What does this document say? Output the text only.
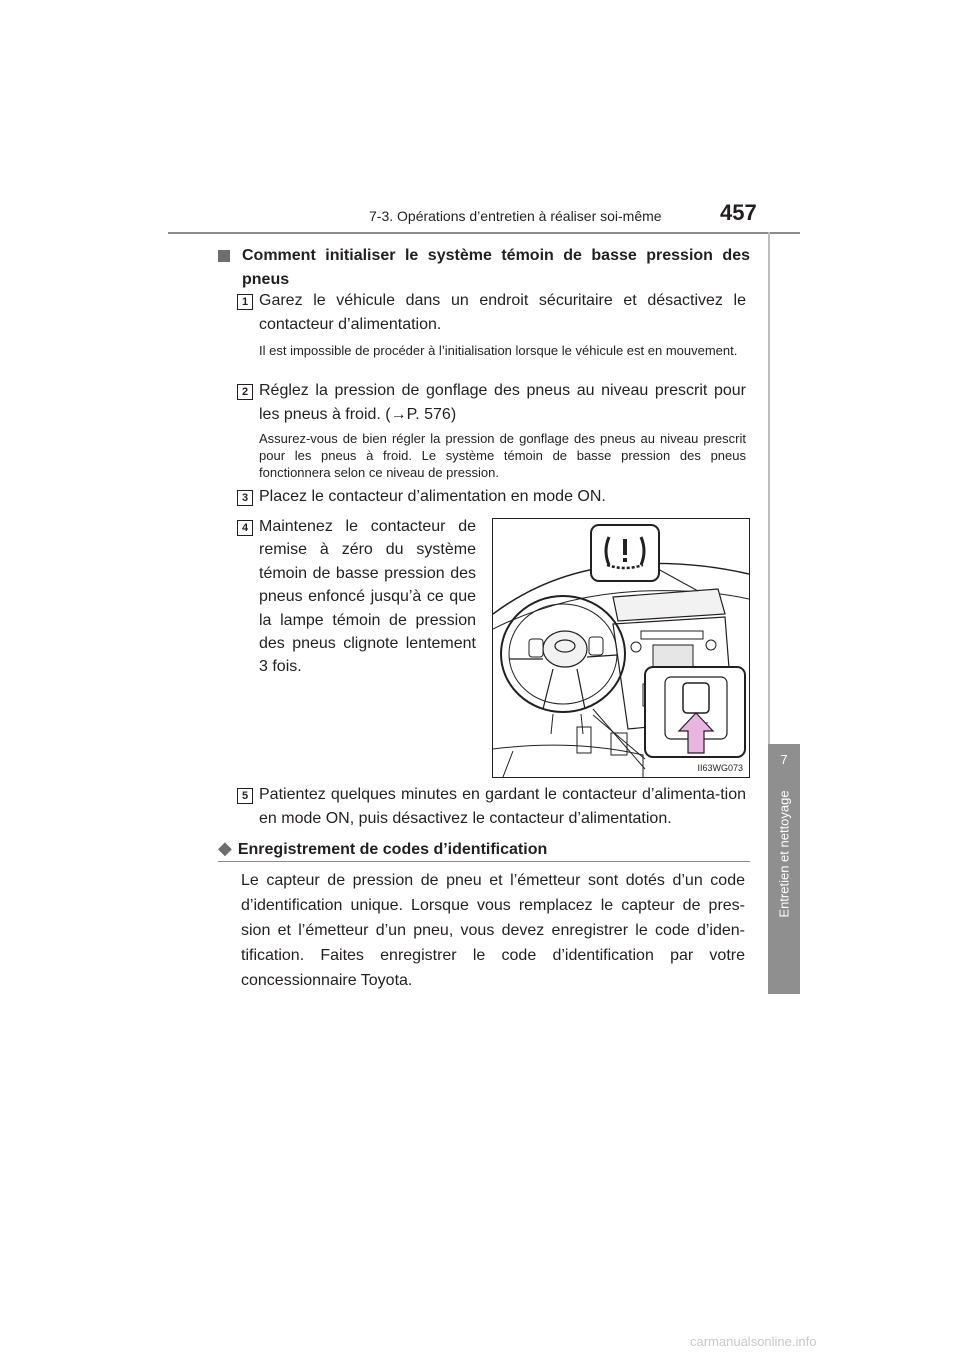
7-3. Opérations d’entretien à réaliser soi-même	457
7
Entretien et nettoyage
Comment initialiser le système témoin de basse pression des pneus
1 Garez le véhicule dans un endroit sécuritaire et désactivez le contacteur d’alimentation.
Il est impossible de procéder à l’initialisation lorsque le véhicule est en mouvement.
2 Réglez la pression de gonflage des pneus au niveau prescrit pour les pneus à froid. (→P. 576)
Assurez-vous de bien régler la pression de gonflage des pneus au niveau prescrit pour les pneus à froid. Le système témoin de basse pression des pneus fonctionnera selon ce niveau de pression.
3 Placez le contacteur d’alimentation en mode ON.
4 Maintenez le contacteur de remise à zéro du système témoin de basse pression des pneus enfoncé jusqu’à ce que la lampe témoin de pression des pneus clignote lentement 3 fois.
II63WG073
5 Patientez quelques minutes en gardant le contacteur d’alimenta-tion en mode ON, puis désactivez le contacteur d’alimentation.
◆ Enregistrement de codes d’identification
Le capteur de pression de pneu et l’émetteur sont dotés d’un code d’identification unique. Lorsque vous remplacez le capteur de pres-sion et l’émetteur d’un pneu, vous devez enregistrer le code d’iden-tification. Faites enregistrer le code d’identification par votre concessionnaire Toyota.
carmanualsonline.info
